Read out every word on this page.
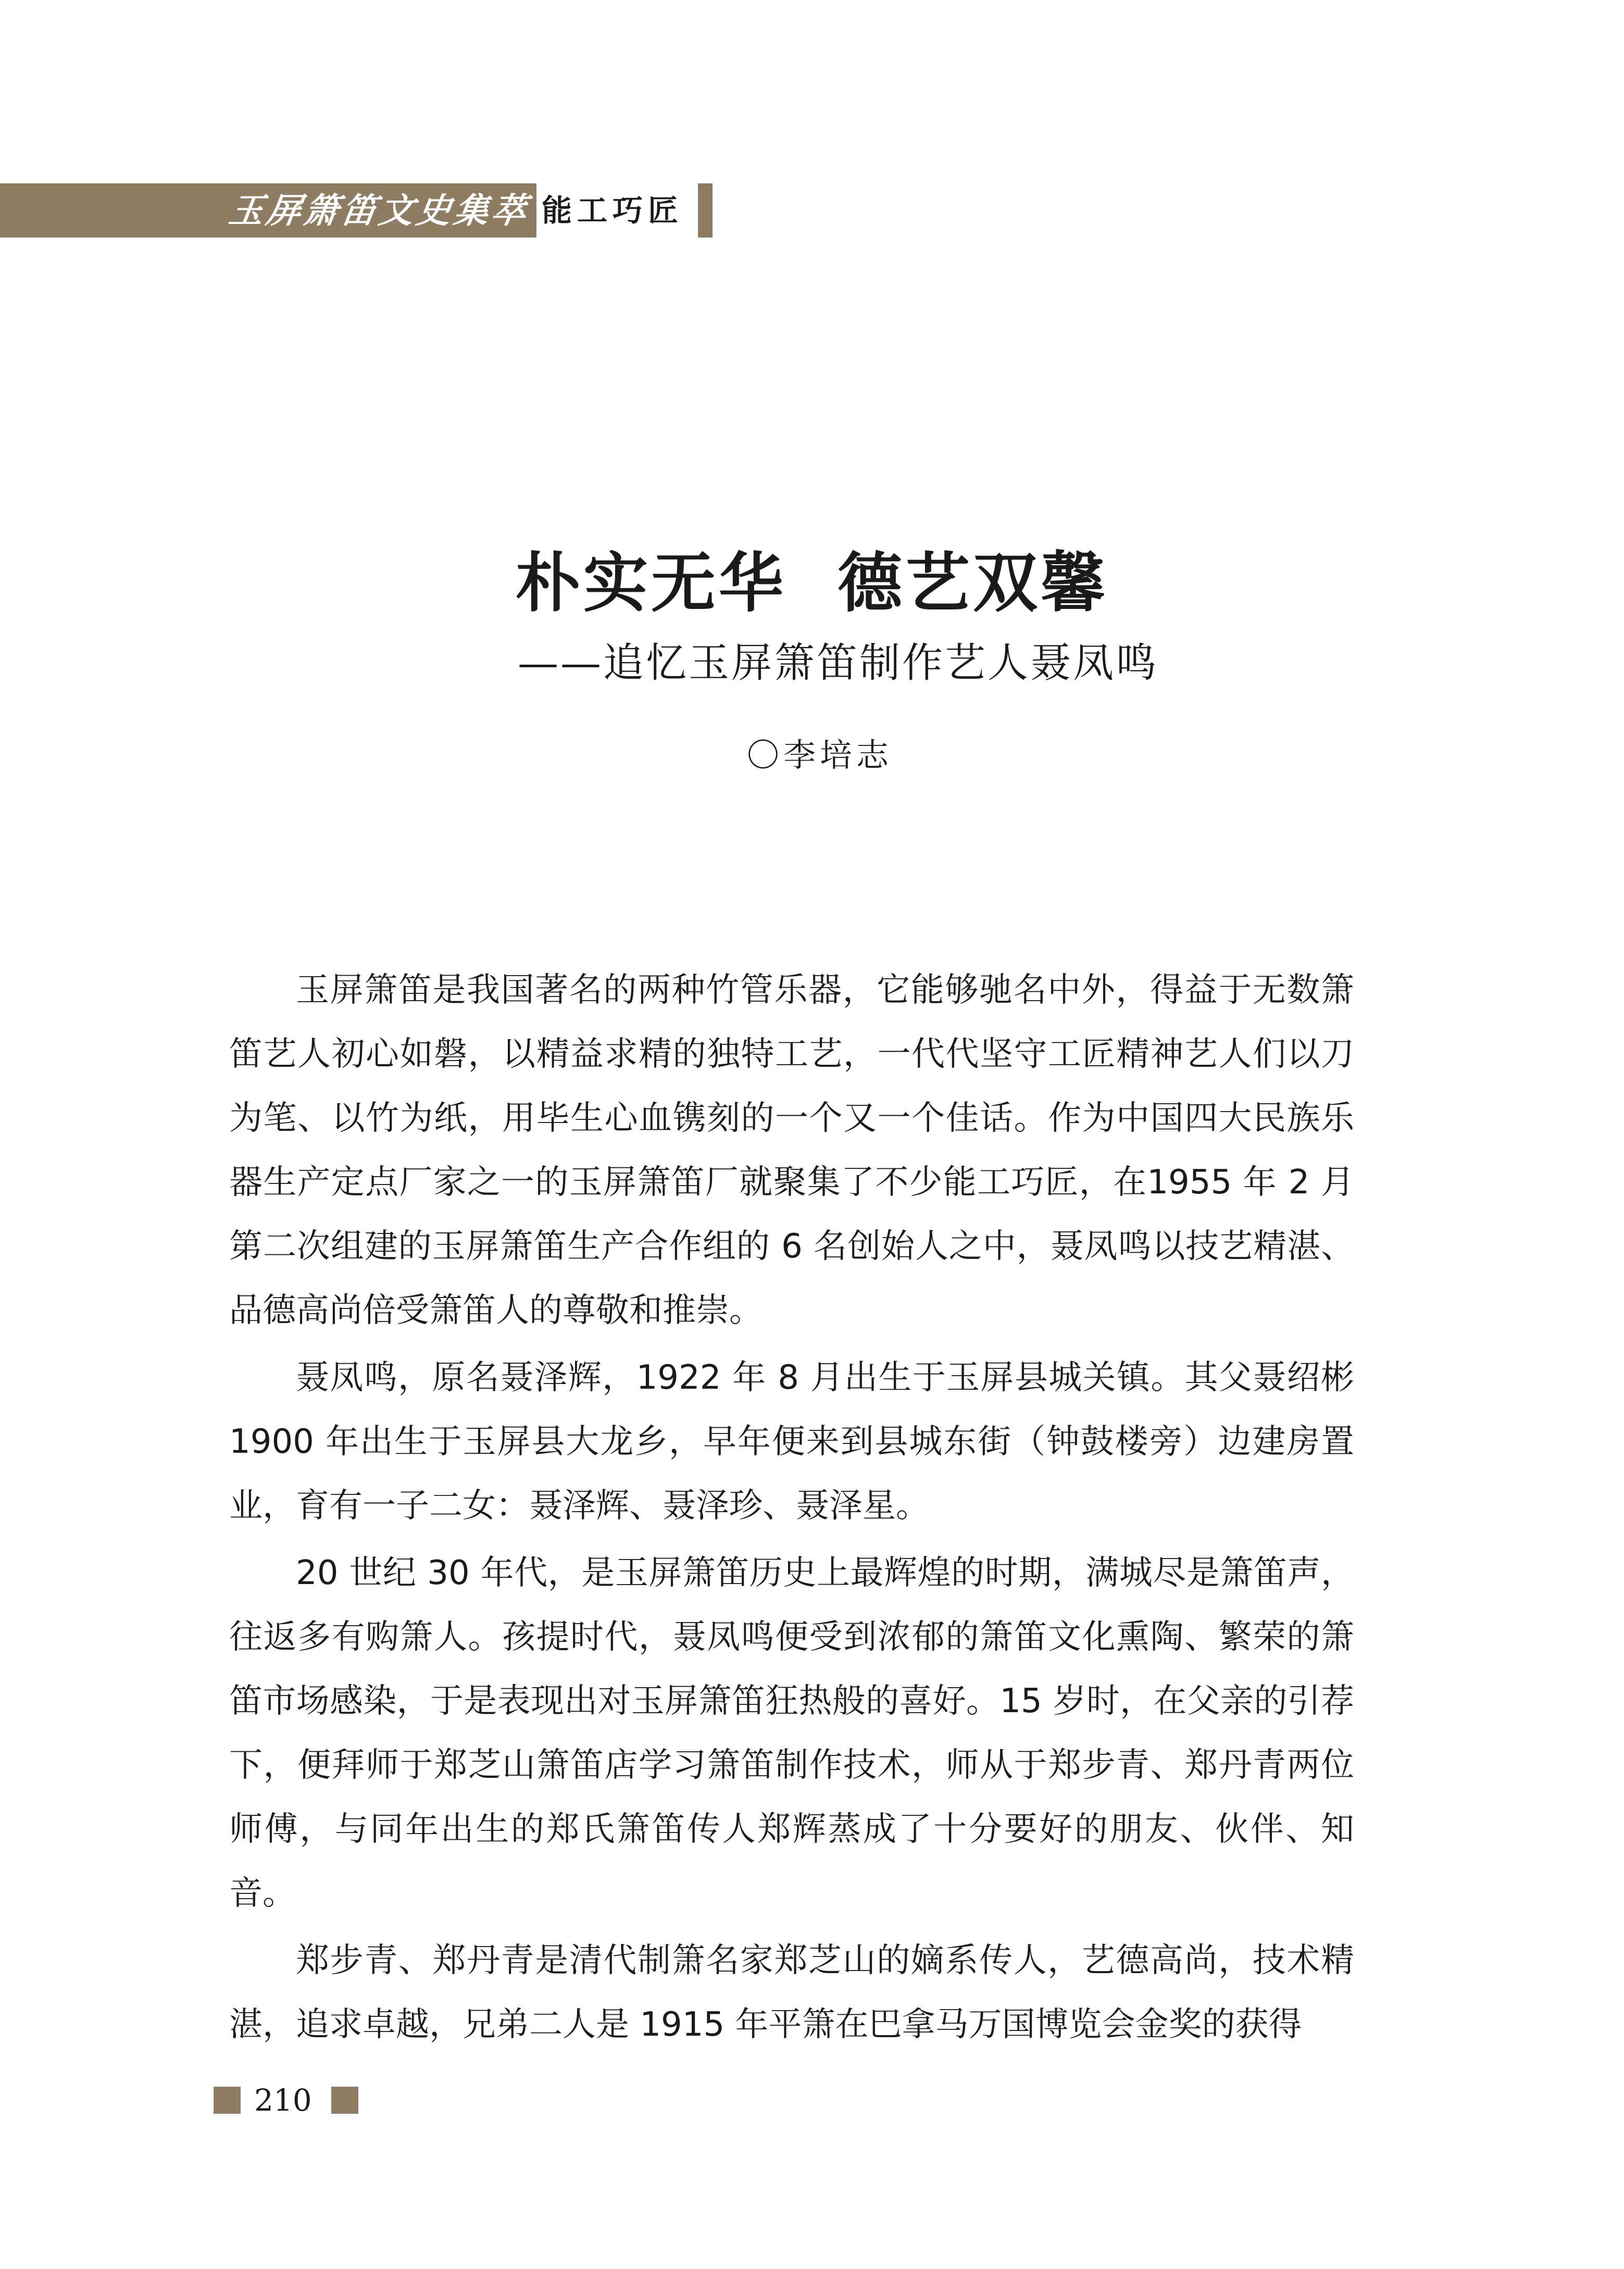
玉屏箫笛文史集萃 能工巧匠
朴实无华  德艺双馨
——追忆玉屏箫笛制作艺人聂凤鸣
〇李培志

玉屏箫笛是我国著名的两种竹管乐器，它能够驰名中外，得益于无数箫笛艺人初心如磐，以精益求精的独特工艺，一代代坚守工匠精神艺人们以刀为笔、以竹为纸，用毕生心血镌刻的一个又一个佳话。作为中国四大民族乐器生产定点厂家之一的玉屏箫笛厂就聚集了不少能工巧匠，在1955 年 2 月第二次组建的玉屏箫笛生产合作组的 6 名创始人之中，聂凤鸣以技艺精湛、品德高尚倍受箫笛人的尊敬和推崇。

聂凤鸣，原名聂泽辉，1922 年 8 月出生于玉屏县城关镇。其父聂绍彬1900 年出生于玉屏县大龙乡，早年便来到县城东街（钟鼓楼旁）边建房置业，育有一子二女：聂泽辉、聂泽珍、聂泽星。

20 世纪 30 年代，是玉屏箫笛历史上最辉煌的时期，满城尽是箫笛声，往返多有购箫人。孩提时代，聂凤鸣便受到浓郁的箫笛文化熏陶、繁荣的箫笛市场感染，于是表现出对玉屏箫笛狂热般的喜好。15 岁时，在父亲的引荐下，便拜师于郑芝山箫笛店学习箫笛制作技术，师从于郑步青、郑丹青两位师傅，与同年出生的郑氏箫笛传人郑辉蒸成了十分要好的朋友、伙伴、知音。

郑步青、郑丹青是清代制箫名家郑芝山的嫡系传人，艺德高尚，技术精湛，追求卓越，兄弟二人是 1915 年平箫在巴拿马万国博览会金奖的获得

210
